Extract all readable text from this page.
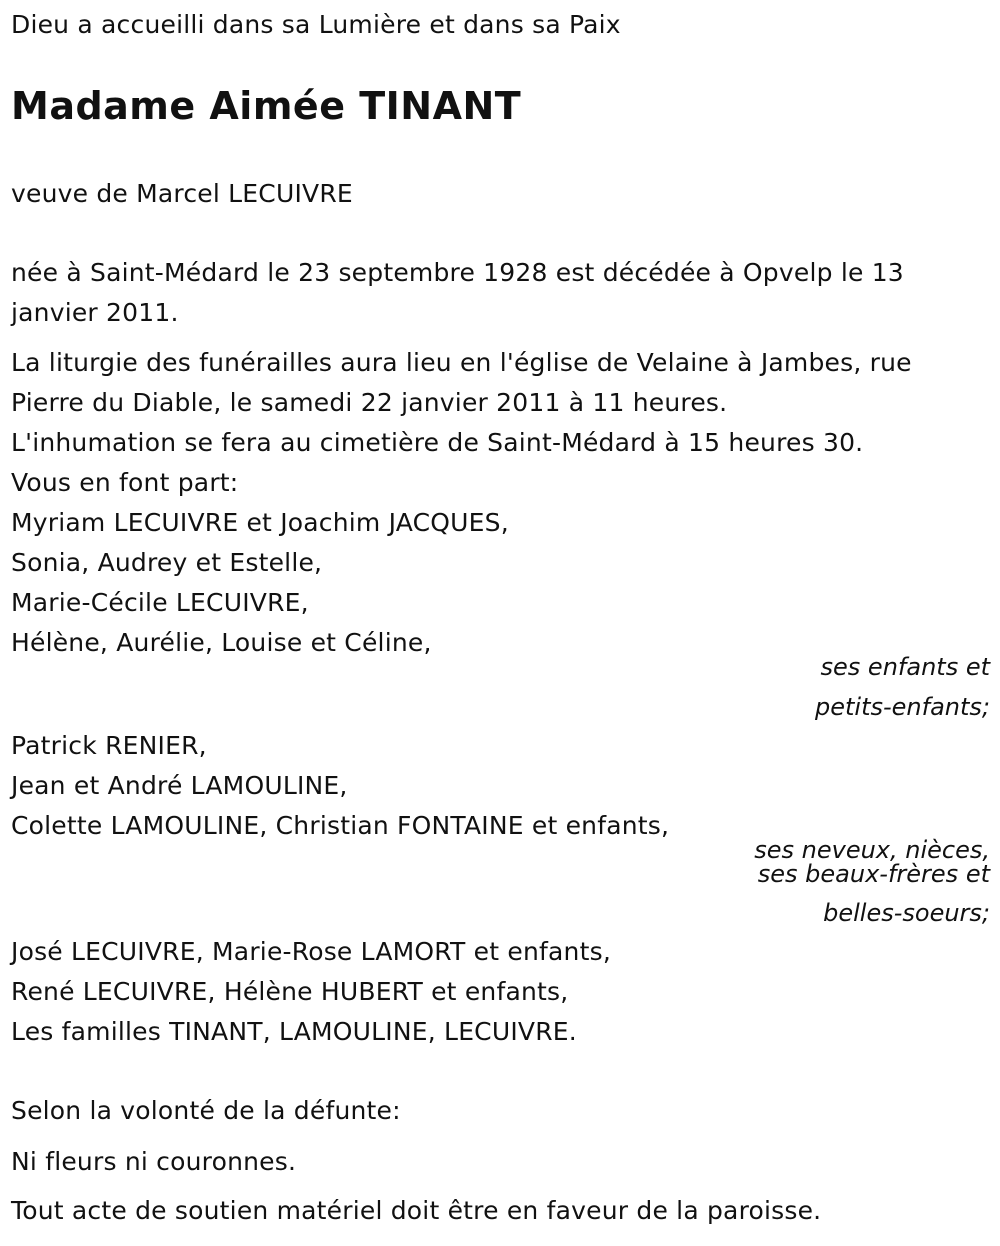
Dieu a accueilli dans sa Lumière et dans sa Paix
Madame Aimée TINANT
veuve de Marcel LECUIVRE
née à Saint-Médard le 23 septembre 1928 est décédée à Opvelp le 13
janvier 2011.
La liturgie des funérailles aura lieu en l'église de Velaine à Jambes, rue
Pierre du Diable, le samedi 22 janvier 2011 à 11 heures.
L'inhumation se fera au cimetière de Saint-Médard à 15 heures 30.
Vous en font part:
Myriam LECUIVRE et Joachim JACQUES,
Sonia, Audrey et Estelle,
Marie-Cécile LECUIVRE,
Hélène, Aurélie, Louise et Céline,
ses enfants et
petits-enfants;
Patrick RENIER,
Jean et André LAMOULINE,
Colette LAMOULINE, Christian FONTAINE et enfants,
ses neveux, nièces,
ses beaux-frères et
belles-soeurs;
José LECUIVRE, Marie-Rose LAMORT et enfants,
René LECUIVRE, Hélène HUBERT et enfants,
Les familles TINANT, LAMOULINE, LECUIVRE.
Selon la volonté de la défunte:
Ni fleurs ni couronnes.
Tout acte de soutien matériel doit être en faveur de la paroisse.
